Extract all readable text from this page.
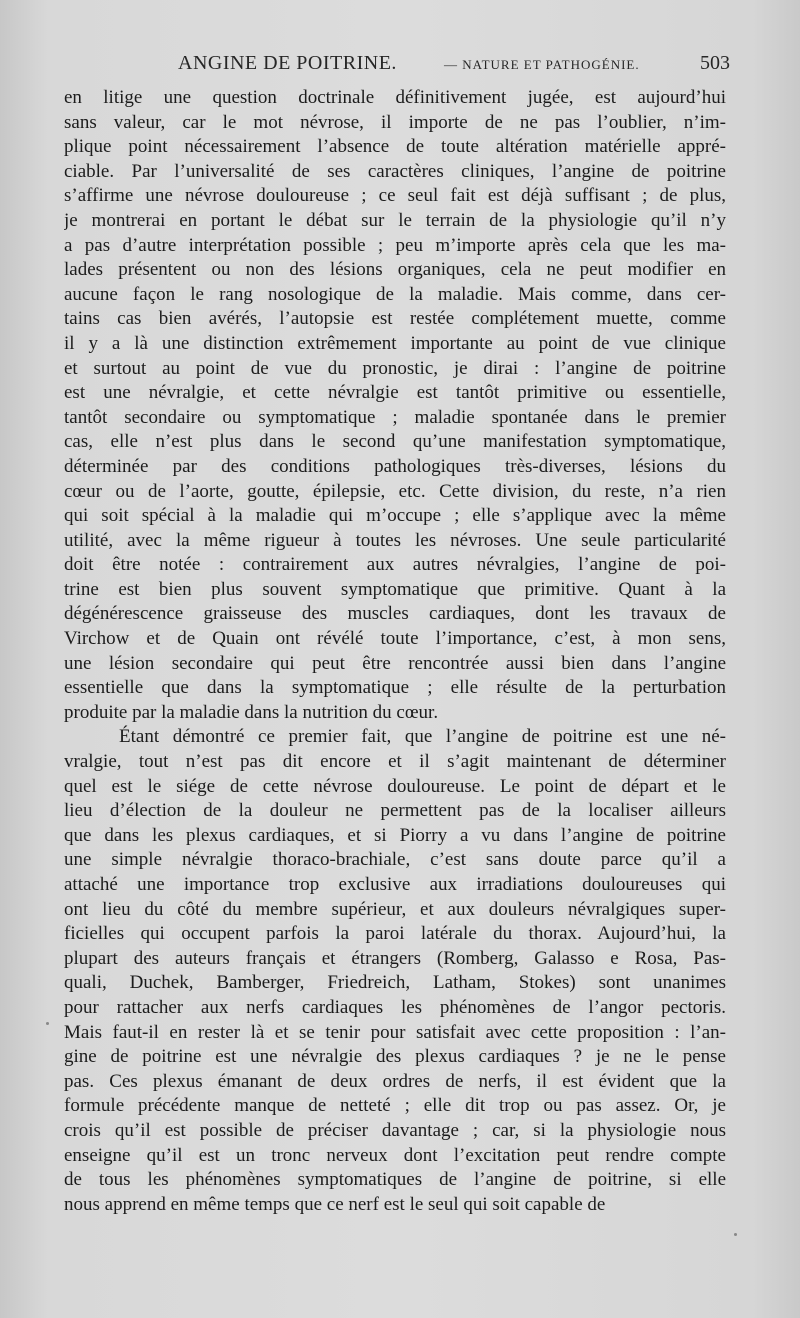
ANGINE DE POITRINE.	— NATURE ET PATHOGÉNIE.	503
en litige une question doctrinale définitivement jugée, est aujourd’hui
sans valeur, car le mot névrose, il importe de ne pas l’oublier, n’im-
plique point nécessairement l’absence de toute altération matérielle appré-
ciable. Par l’universalité de ses caractères cliniques, l’angine de poitrine
s’affirme une névrose douloureuse ; ce seul fait est déjà suffisant ; de plus,
je montrerai en portant le débat sur le terrain de la physiologie qu’il n’y
a pas d’autre interprétation possible ; peu m’importe après cela que les ma-
lades présentent ou non des lésions organiques, cela ne peut modifier en
aucune façon le rang nosologique de la maladie. Mais comme, dans cer-
tains cas bien avérés, l’autopsie est restée complétement muette, comme
il y a là une distinction extrêmement importante au point de vue clinique
et surtout au point de vue du pronostic, je dirai : l’angine de poitrine
est une névralgie, et cette névralgie est tantôt primitive ou essentielle,
tantôt secondaire ou symptomatique ; maladie spontanée dans le premier
cas, elle n’est plus dans le second qu’une manifestation symptomatique,
déterminée par des conditions pathologiques très-diverses, lésions du
cœur ou de l’aorte, goutte, épilepsie, etc. Cette division, du reste, n’a rien
qui soit spécial à la maladie qui m’occupe ; elle s’applique avec la même
utilité, avec la même rigueur à toutes les névroses. Une seule particularité
doit être notée : contrairement aux autres névralgies, l’angine de poi-
trine est bien plus souvent symptomatique que primitive. Quant à la
dégénérescence graisseuse des muscles cardiaques, dont les travaux de
Virchow et de Quain ont révélé toute l’importance, c’est, à mon sens,
une lésion secondaire qui peut être rencontrée aussi bien dans l’angine
essentielle que dans la symptomatique ; elle résulte de la perturbation
produite par la maladie dans la nutrition du cœur.
Étant démontré ce premier fait, que l’angine de poitrine est une né-
vralgie, tout n’est pas dit encore et il s’agit maintenant de déterminer
quel est le siége de cette névrose douloureuse. Le point de départ et le
lieu d’élection de la douleur ne permettent pas de la localiser ailleurs
que dans les plexus cardiaques, et si Piorry a vu dans l’angine de poitrine
une simple névralgie thoraco-brachiale, c’est sans doute parce qu’il a
attaché une importance trop exclusive aux irradiations douloureuses qui
ont lieu du côté du membre supérieur, et aux douleurs névralgiques super-
ficielles qui occupent parfois la paroi latérale du thorax. Aujourd’hui, la
plupart des auteurs français et étrangers (Romberg, Galasso e Rosa, Pas-
quali, Duchek, Bamberger, Friedreich, Latham, Stokes) sont unanimes
pour rattacher aux nerfs cardiaques les phénomènes de l’angor pectoris.
Mais faut-il en rester là et se tenir pour satisfait avec cette proposition : l’an-
gine de poitrine est une névralgie des plexus cardiaques ? je ne le pense
pas. Ces plexus émanant de deux ordres de nerfs, il est évident que la
formule précédente manque de netteté ; elle dit trop ou pas assez. Or, je
crois qu’il est possible de préciser davantage ; car, si la physiologie nous
enseigne qu’il est un tronc nerveux dont l’excitation peut rendre compte
de tous les phénomènes symptomatiques de l’angine de poitrine, si elle
nous apprend en même temps que ce nerf est le seul qui soit capable de
